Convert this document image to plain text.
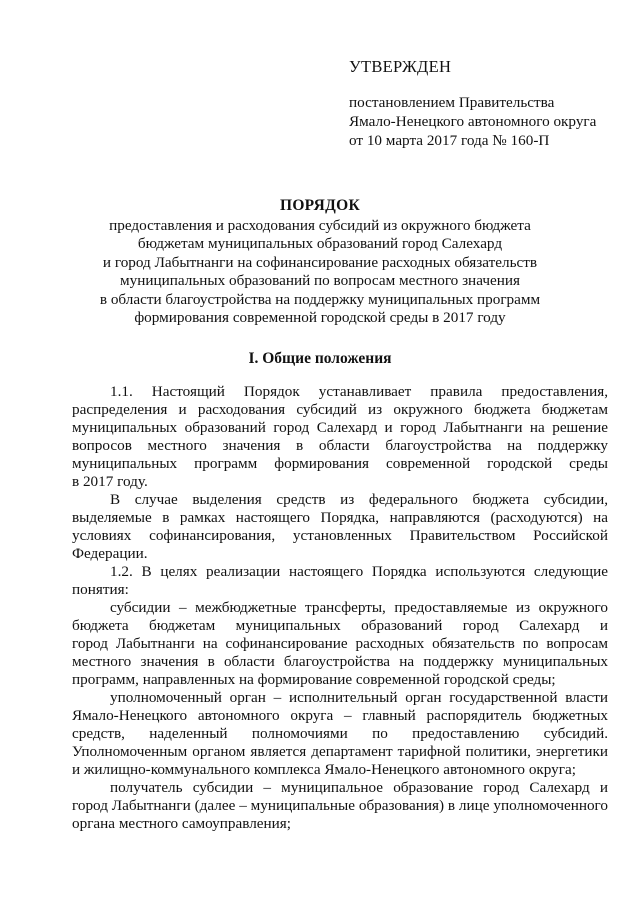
УТВЕРЖДЕН
постановлением Правительства
Ямало-Ненецкого автономного округа
от 10 марта 2017 года № 160-П
ПОРЯДОК
предоставления и расходования субсидий из окружного бюджета
бюджетам муниципальных образований город Салехард
и город Лабытнанги на софинансирование расходных обязательств
муниципальных образований по вопросам местного значения
в области благоустройства на поддержку муниципальных программ
формирования современной городской среды в 2017 году
I. Общие положения
1.1. Настоящий Порядок устанавливает правила предоставления,
распределения и расходования субсидий из окружного бюджета бюджетам
муниципальных образований город Салехард и город Лабытнанги на решение
вопросов местного значения в области благоустройства на поддержку
муниципальных программ формирования современной городской среды
в 2017 году.
В случае выделения средств из федерального бюджета субсидии,
выделяемые в рамках настоящего Порядка, направляются (расходуются) на
условиях софинансирования, установленных Правительством Российской
Федерации.
1.2. В целях реализации настоящего Порядка используются следующие
понятия:
субсидии – межбюджетные трансферты, предоставляемые из окружного
бюджета бюджетам муниципальных образований город Салехард и
город Лабытнанги на софинансирование расходных обязательств по вопросам
местного значения в области благоустройства на поддержку муниципальных
программ, направленных на формирование современной городской среды;
уполномоченный орган – исполнительный орган государственной власти
Ямало-Ненецкого автономного округа – главный распорядитель бюджетных
средств, наделенный полномочиями по предоставлению субсидий.
Уполномоченным органом является департамент тарифной политики, энергетики
и жилищно-коммунального комплекса Ямало-Ненецкого автономного округа;
получатель субсидии – муниципальное образование город Салехард и
город Лабытнанги (далее – муниципальные образования) в лице уполномоченного
органа местного самоуправления;
